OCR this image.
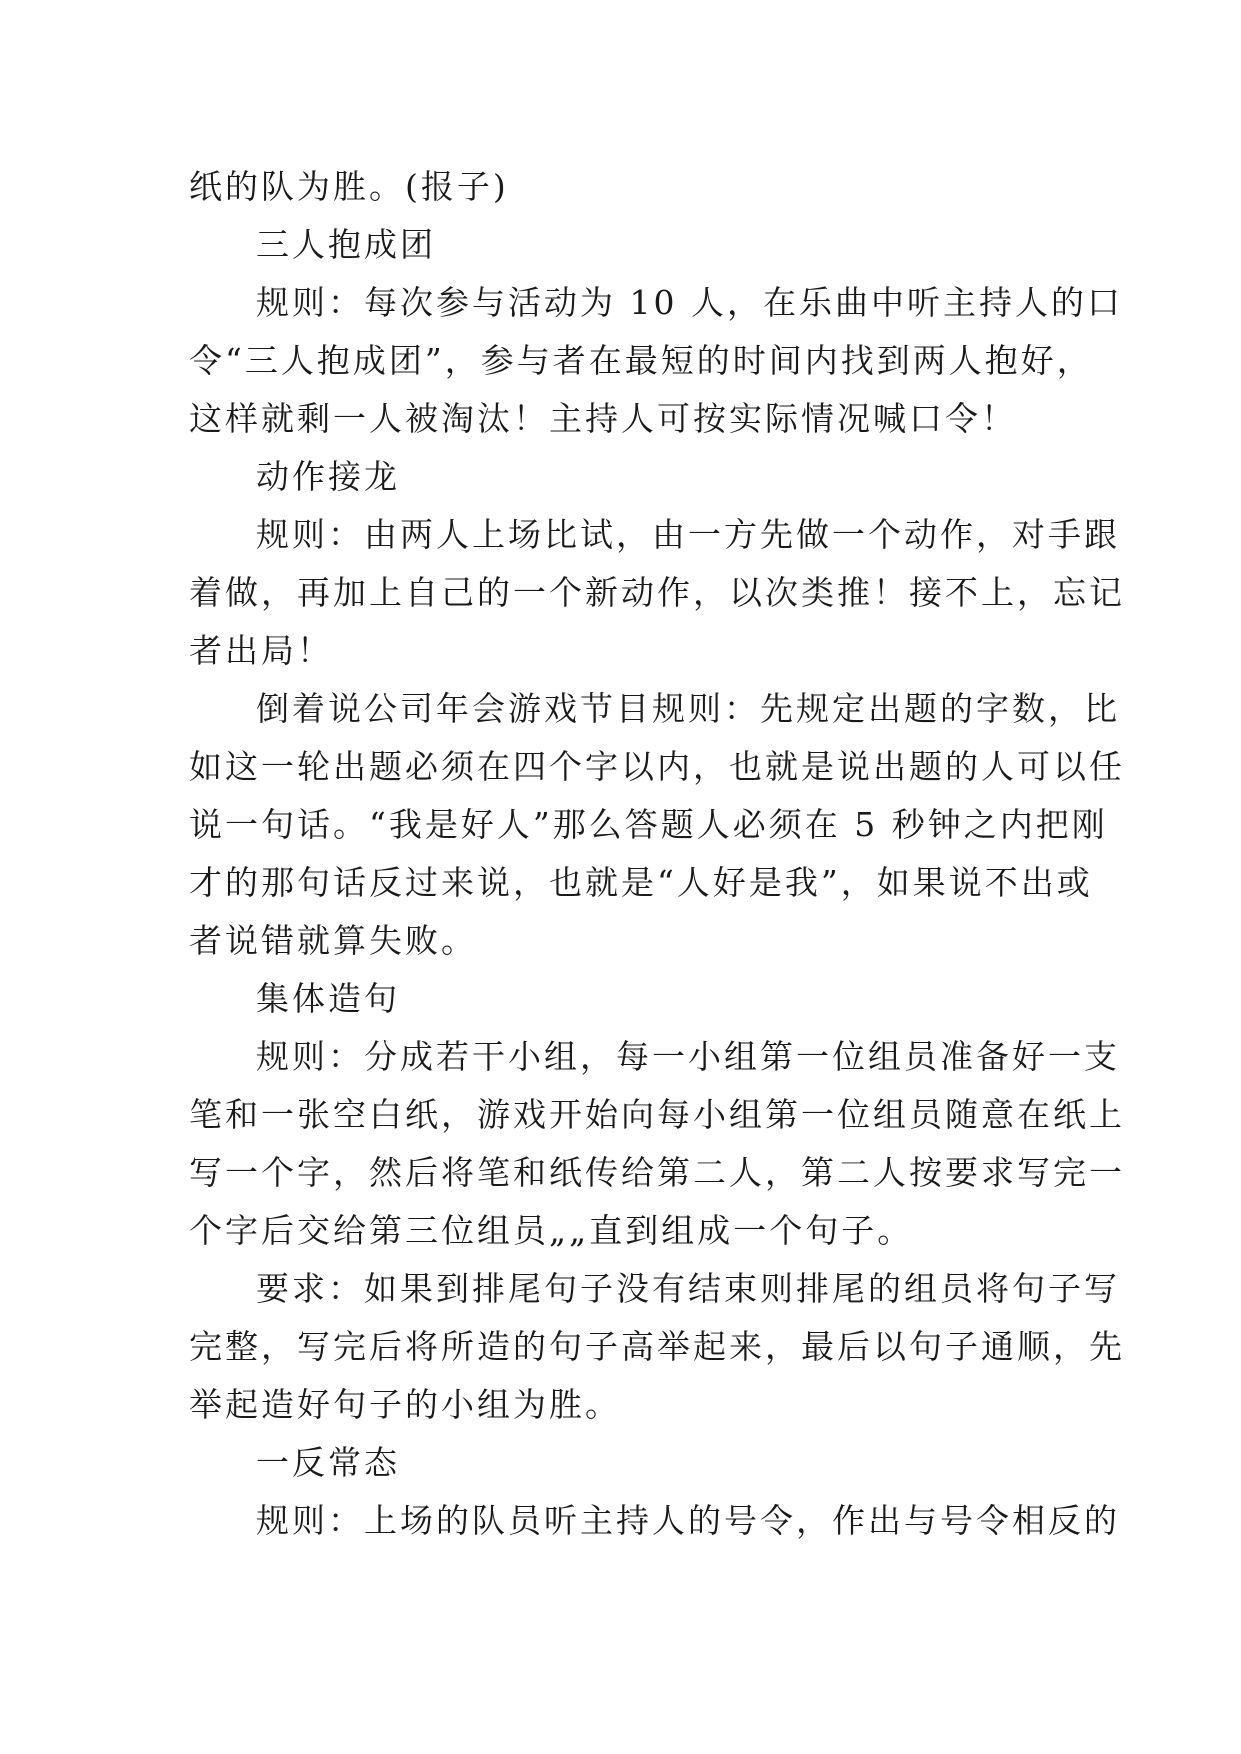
纸的队为胜。(报子)
三人抱成团
规则：每次参与活动为 10 人，在乐曲中听主持人的口
令“三人抱成团”，参与者在最短的时间内找到两人抱好，
这样就剩一人被淘汰！主持人可按实际情况喊口令！
动作接龙
规则：由两人上场比试，由一方先做一个动作，对手跟
着做，再加上自己的一个新动作，以次类推！接不上，忘记
者出局！
倒着说公司年会游戏节目规则：先规定出题的字数，比
如这一轮出题必须在四个字以内，也就是说出题的人可以任
说一句话。“我是好人”那么答题人必须在 5 秒钟之内把刚
才的那句话反过来说，也就是“人好是我”，如果说不出或
者说错就算失败。
集体造句
规则：分成若干小组，每一小组第一位组员准备好一支
笔和一张空白纸，游戏开始向每小组第一位组员随意在纸上
写一个字，然后将笔和纸传给第二人，第二人按要求写完一
个字后交给第三位组员„„直到组成一个句子。
要求：如果到排尾句子没有结束则排尾的组员将句子写
完整，写完后将所造的句子高举起来，最后以句子通顺，先
举起造好句子的小组为胜。
一反常态
规则：上场的队员听主持人的号令，作出与号令相反的
